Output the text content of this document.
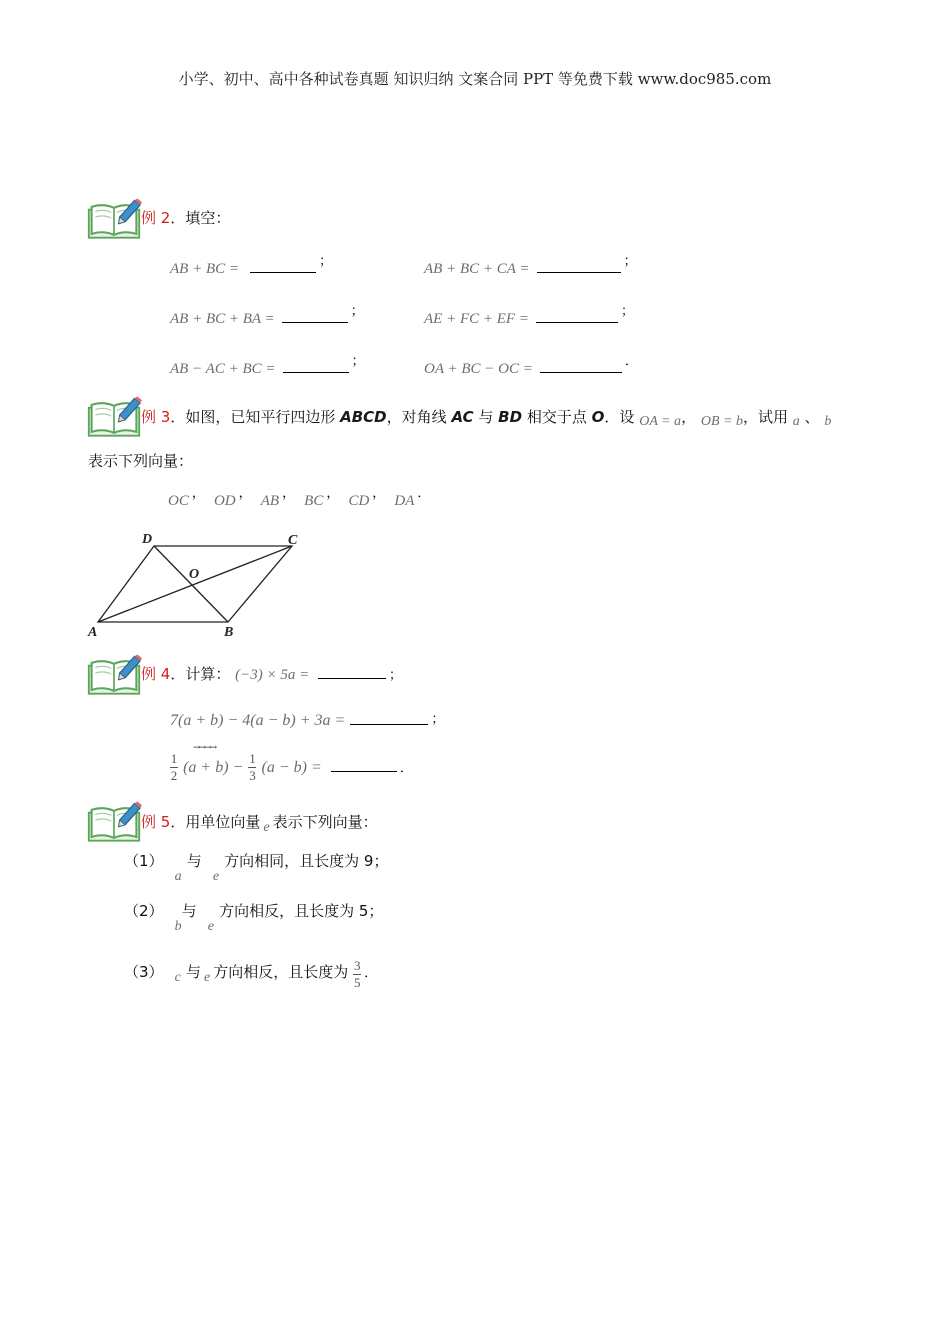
小学、初中、高中各种试卷真题 知识归纳 文案合同 PPT 等免费下载 www.doc985.com
例 2．填空：
AB + BC =	；	AB + BC + CA =	；
AB + BC + BA =	；	AE + FC + EF =	；
AB − AC + BC =	；	OA + BC − OC =	．
例 3．如图，已知平行四边形 ABCD，对角线 AC 与 BD 相交于点 O．设 OA = a， OB = b，试用 a 、 b
表示下列向量：
OC ， OD ， AB ， BC ， CD ， DA ．
A	B
C
D
O
例 4．计算： (−3) × 5a =	；
7(a + b) − 4(a − b) + 3a =	；
→→→→
$\frac{1}{2} (a + b) - \frac{1}{3} (a - b)$ =	．
例 5．用单位向量 e 表示下列向量：
（1） a 与 e 方向相同，且长度为 9；
（2） b与 e 方向相反，且长度为 5；
（3） c 与 e 方向相反，且长度为 $\frac{3}{5}$ ．
